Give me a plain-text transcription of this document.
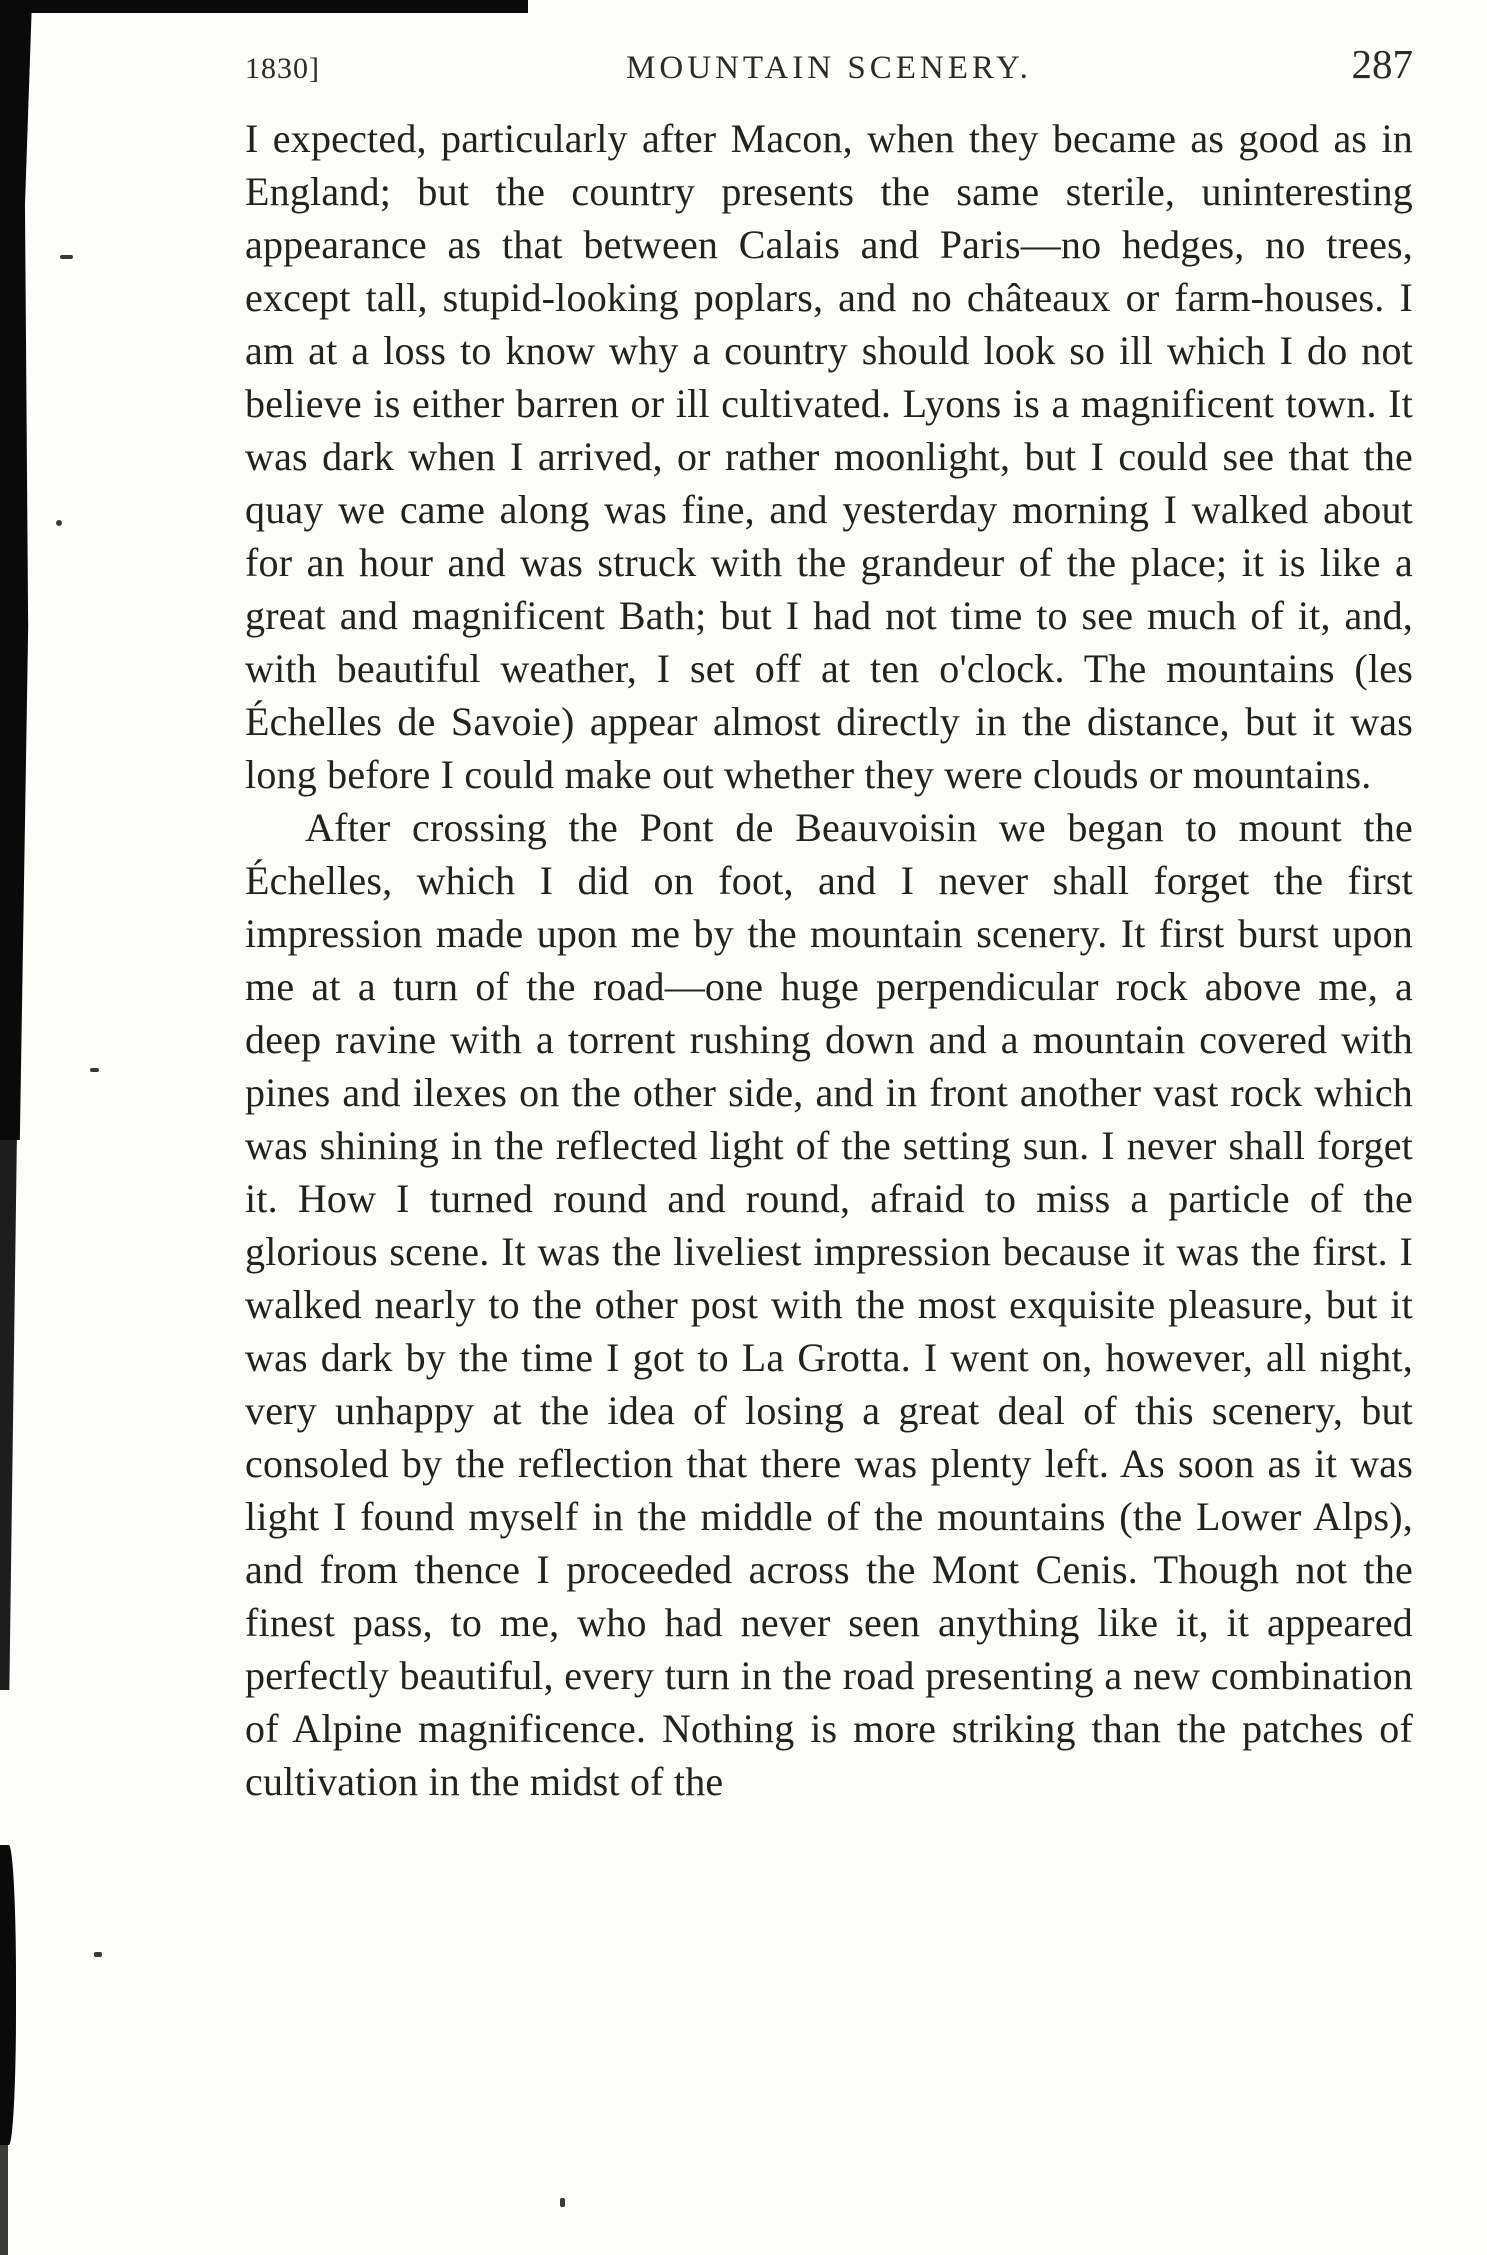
1830]	MOUNTAIN SCENERY.	287

I expected, particularly after Macon, when they became as good as in England; but the country presents the same sterile, uninteresting appearance as that between Calais and Paris—no hedges, no trees, except tall, stupid-looking poplars, and no châteaux or farm-houses. I am at a loss to know why a country should look so ill which I do not believe is either barren or ill cultivated. Lyons is a magnificent town. It was dark when I arrived, or rather moonlight, but I could see that the quay we came along was fine, and yesterday morning I walked about for an hour and was struck with the grandeur of the place; it is like a great and magnificent Bath; but I had not time to see much of it, and, with beautiful weather, I set off at ten o'clock. The mountains (les Échelles de Savoie) appear almost directly in the distance, but it was long before I could make out whether they were clouds or mountains.

After crossing the Pont de Beauvoisin we began to mount the Échelles, which I did on foot, and I never shall forget the first impression made upon me by the mountain scenery. It first burst upon me at a turn of the road—one huge perpendicular rock above me, a deep ravine with a torrent rushing down and a mountain covered with pines and ilexes on the other side, and in front another vast rock which was shining in the reflected light of the setting sun. I never shall forget it. How I turned round and round, afraid to miss a particle of the glorious scene. It was the liveliest impression because it was the first. I walked nearly to the other post with the most exquisite pleasure, but it was dark by the time I got to La Grotta. I went on, however, all night, very unhappy at the idea of losing a great deal of this scenery, but consoled by the reflection that there was plenty left. As soon as it was light I found myself in the middle of the mountains (the Lower Alps), and from thence I proceeded across the Mont Cenis. Though not the finest pass, to me, who had never seen anything like it, it appeared perfectly beautiful, every turn in the road presenting a new combination of Alpine magnificence. Nothing is more striking than the patches of cultivation in the midst of the
